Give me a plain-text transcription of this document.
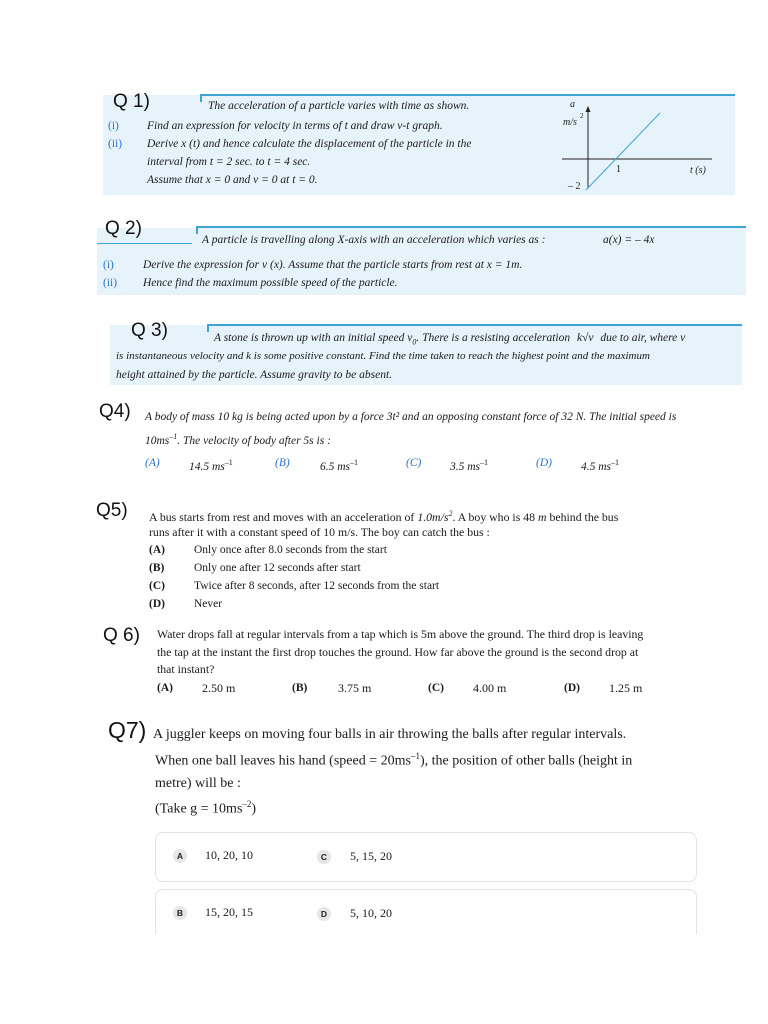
Q 1)	The acceleration of a particle varies with time as shown.
(i) Find an expression for velocity in terms of t and draw v-t graph.
(ii) Derive x (t) and hence calculate the displacement of the particle in the
interval from t = 2 sec. to t = 4 sec.
Assume that x = 0 and v = 0 at t = 0.
a
m/s
2
1	t (s)
– 2
Q 2)
A particle is travelling along X-axis with an acceleration which varies as :	a(x) = – 4x
(i)	Derive the expression for v (x). Assume that the particle starts from rest at x = 1m.
(ii) Hence find the maximum possible speed of the particle.
Q 3)	A stone is thrown up with an initial speed $v_0$. There is a resisting acceleration k√v due to air, where v
is instantaneous velocity and k is some positive constant. Find the time taken to reach the highest point and the maximum
height attained by the particle. Assume gravity to be absent.
Q4) A body of mass 10 kg is being acted upon by a force 3t² and an opposing constant force of 32 N. The initial speed is
$10ms^{-1}$. The velocity of body after 5s is :
(A)	14.5 $ms^{-1}$	(B)	6.5 $ms^{-1}$	(C) 3.5 $ms^{-1}$	(D)	4.5 $ms^{-1}$
Q5) A bus starts from rest and moves with an acceleration of $1.0m/s^2$. A boy who is 48 m behind the bus
runs after it with a constant speed of 10 m/s. The boy can catch the bus :
(A)	Only once after 8.0 seconds from the start
(B)	Only one after 12 seconds after start
(C)	Twice after 8 seconds, after 12 seconds from the start
(D)	Never
Q 6) Water drops fall at regular intervals from a tap which is 5m above the ground. The third drop is leaving
the tap at the instant the first drop touches the ground. How far above the ground is the second drop at
that instant?
(A) 2.50 m	(B)	3.75 m	(C) 4.00 m	(D) 1.25 m
Q7) A juggler keeps on moving four balls in air throwing the balls after regular intervals.
When one ball leaves his hand (speed = $20ms^{-1}$), the position of other balls (height in
metre) will be :
(Take $g = 10ms^{-2}$)
A	10, 20, 10	C	5, 15, 20
B	15, 20, 15	D	5, 10, 20
